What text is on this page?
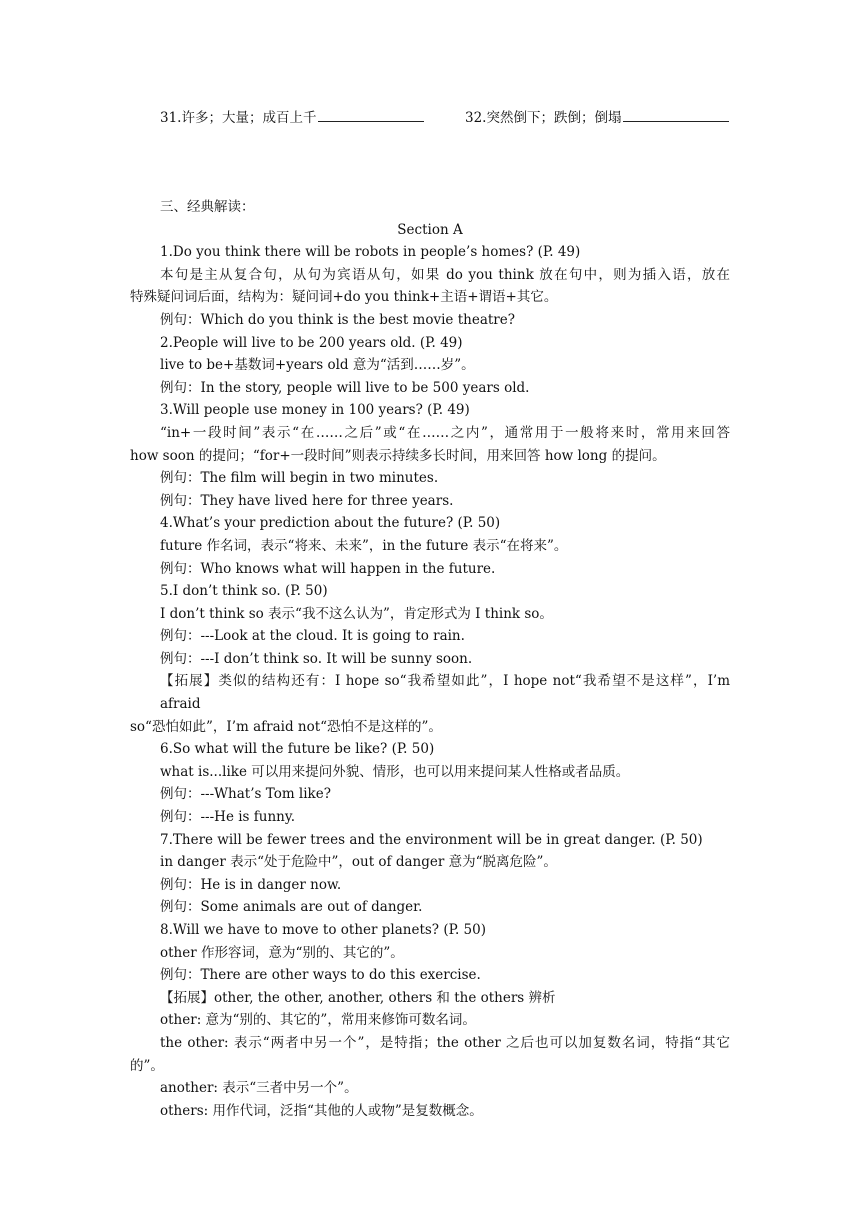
31.许多；大量；成百上千	32.突然倒下；跌倒；倒塌
三、经典解读：
Section A
1.Do you think there will be robots in people’s homes? (P. 49)
本句是主从复合句，从句为宾语从句，如果 do you think 放在句中，则为插入语，放在
特殊疑问词后面，结构为：疑问词+do you think+主语+谓语+其它。
例句：Which do you think is the best movie theatre?
2.People will live to be 200 years old. (P. 49)
live to be+基数词+years old 意为“活到……岁”。
例句：In the story, people will live to be 500 years old.
3.Will people use money in 100 years? (P. 49)
“in+一段时间”表示“在……之后”或“在……之内”，通常用于一般将来时，常用来回答
how soon 的提问；“for+一段时间”则表示持续多长时间，用来回答 how long 的提问。
例句：The film will begin in two minutes.
例句：They have lived here for three years.
4.What’s your prediction about the future? (P. 50)
future 作名词，表示“将来、未来”，in the future 表示“在将来”。
例句：Who knows what will happen in the future.
5.I don’t think so. (P. 50)
I don’t think so 表示“我不这么认为”，肯定形式为 I think so。
例句：---Look at the cloud. It is going to rain.
例句：---I don’t think so. It will be sunny soon.
【拓展】类似的结构还有：I hope so“我希望如此”，I hope not“我希望不是这样”，I’m afraid
so“恐怕如此”，I’m afraid not“恐怕不是这样的”。
6.So what will the future be like? (P. 50)
what is...like 可以用来提问外貌、情形，也可以用来提问某人性格或者品质。
例句：---What’s Tom like?
例句：---He is funny.
7.There will be fewer trees and the environment will be in great danger. (P. 50)
in danger 表示“处于危险中”，out of danger 意为“脱离危险”。
例句：He is in danger now.
例句：Some animals are out of danger.
8.Will we have to move to other planets? (P. 50)
other 作形容词，意为“别的、其它的”。
例句：There are other ways to do this exercise.
【拓展】other, the other, another, others 和 the others 辨析
other: 意为“别的、其它的”，常用来修饰可数名词。
the other: 表示“两者中另一个”，是特指；the other 之后也可以加复数名词，特指“其它
的”。
another: 表示“三者中另一个”。
others: 用作代词，泛指“其他的人或物”是复数概念。
